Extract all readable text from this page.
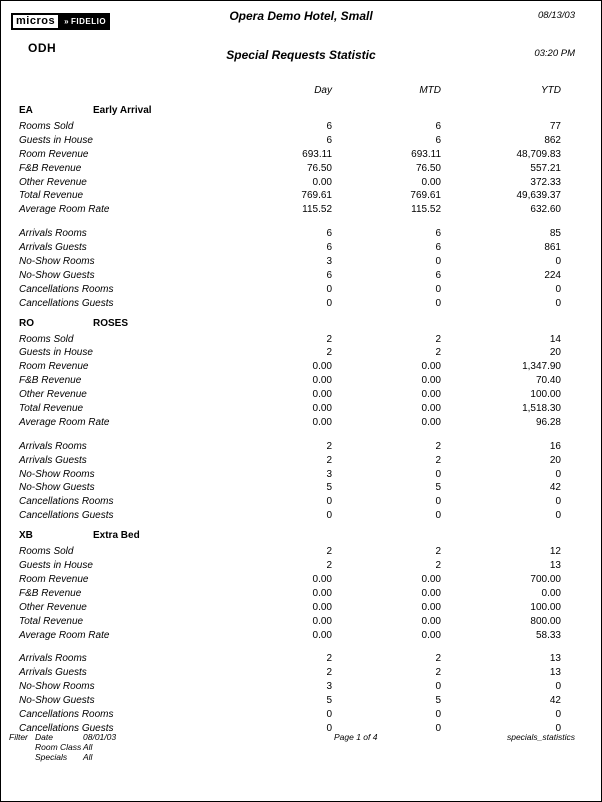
micros	» FIDELIO
ODH
Opera Demo Hotel, Small	08/13/03
Special Requests Statistic	03:20 PM
Day	MTD	YTD
EA	Early Arrival
Rooms Sold	6	6	77
Guests in House	6	6	862
Room Revenue	693.11	693.11	48,709.83
F&B Revenue	76.50	76.50	557.21
Other Revenue	0.00	0.00	372.33
Total Revenue	769.61	769.61	49,639.37
Average Room Rate	115.52	115.52	632.60
Arrivals Rooms	6	6	85
Arrivals Guests	6	6	861
No-Show Rooms	3	0	0
No-Show Guests	6	6	224
Cancellations Rooms	0	0	0
Cancellations Guests	0	0	0
RO	ROSES
Rooms Sold	2	2	14
Guests in House	2	2	20
Room Revenue	0.00	0.00	1,347.90
F&B Revenue	0.00	0.00	70.40
Other Revenue	0.00	0.00	100.00
Total Revenue	0.00	0.00	1,518.30
Average Room Rate	0.00	0.00	96.28
Arrivals Rooms	2	2	16
Arrivals Guests	2	2	20
No-Show Rooms	3	0	0
No-Show Guests	5	5	42
Cancellations Rooms	0	0	0
Cancellations Guests	0	0	0
XB	Extra Bed
Rooms Sold	2	2	12
Guests in House	2	2	13
Room Revenue	0.00	0.00	700.00
F&B Revenue	0.00	0.00	0.00
Other Revenue	0.00	0.00	100.00
Total Revenue	0.00	0.00	800.00
Average Room Rate	0.00	0.00	58.33
Arrivals Rooms	2	2	13
Arrivals Guests	2	2	13
No-Show Rooms	3	0	0
No-Show Guests	5	5	42
Cancellations Rooms	0	0	0
Cancellations Guests	0	0	0
Filter Date	08/01/03
Room Class All
Specials	All
Page 1 of 4	specials_statistics
